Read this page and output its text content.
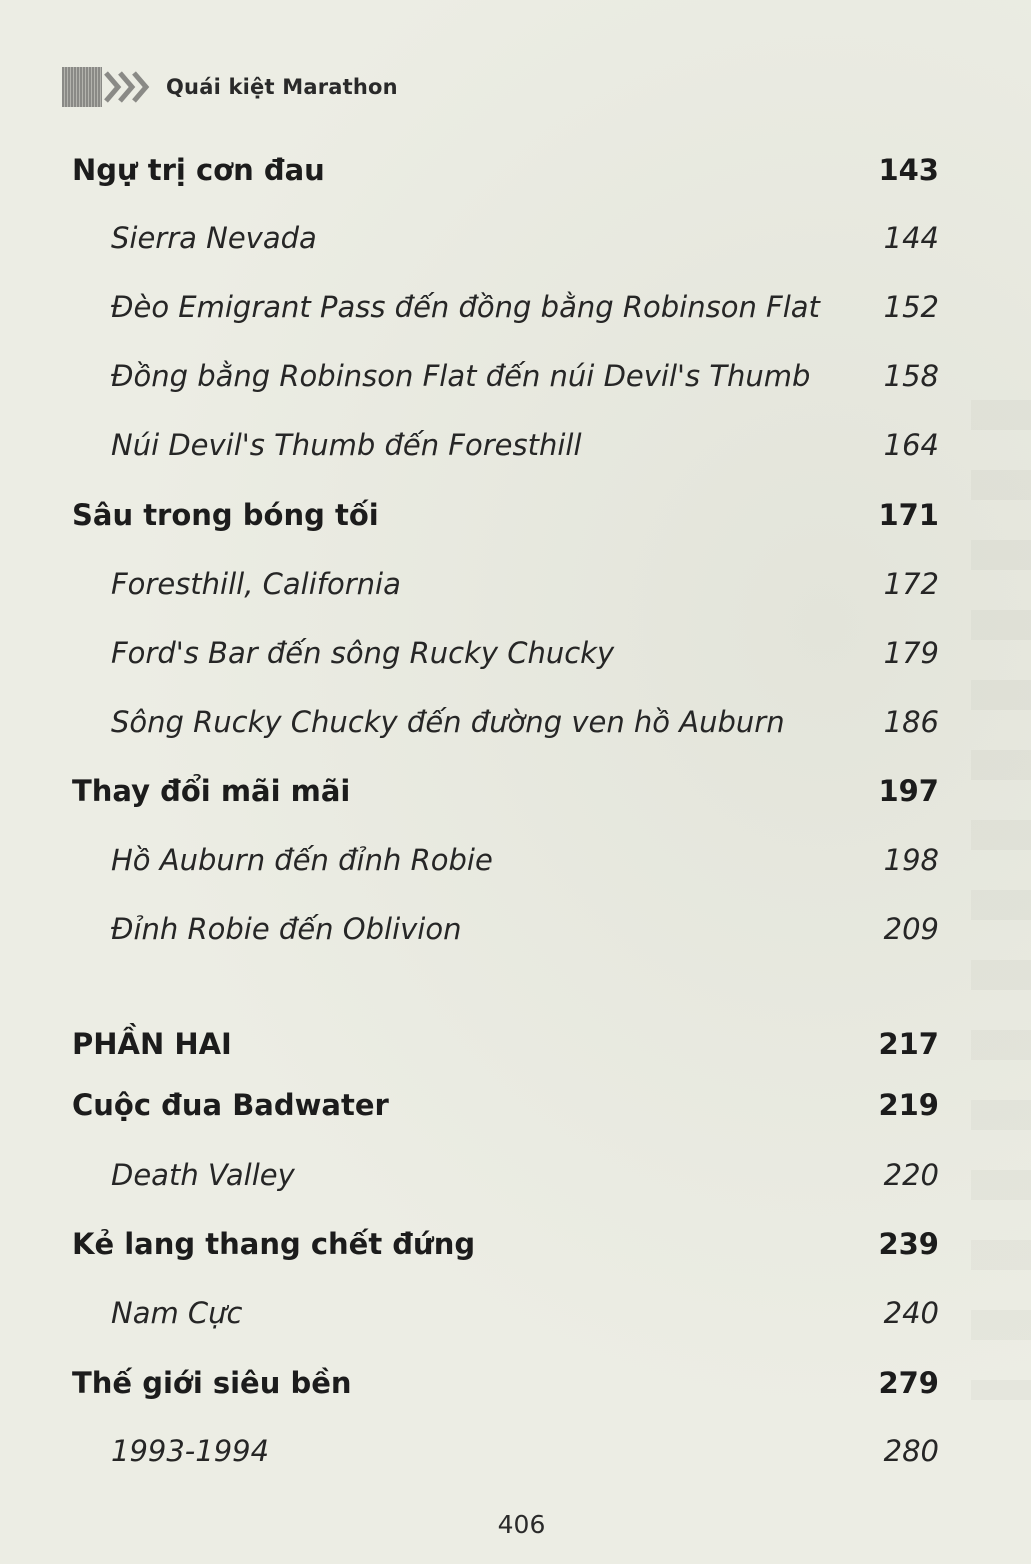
Quái kiệt Marathon
Ngự trị cơn đau	143
Sierra Nevada	144
Đèo Emigrant Pass đến đồng bằng Robinson Flat 152
Đồng bằng Robinson Flat đến núi Devil's Thumb	158
Núi Devil's Thumb đến Foresthill	164
Sâu trong bóng tối	171
Foresthill, California	172
Ford's Bar đến sông Rucky Chucky	179
Sông Rucky Chucky đến đường ven hồ Auburn	186
Thay đổi mãi mãi	197
Hồ Auburn đến đỉnh Robie	198
Đỉnh Robie đến Oblivion	209
PHẦN HAI	217
Cuộc đua Badwater	219
Death Valley	220
Kẻ lang thang chết đứng	239
Nam Cực	240
Thế giới siêu bền	279
1993-1994	280
406
